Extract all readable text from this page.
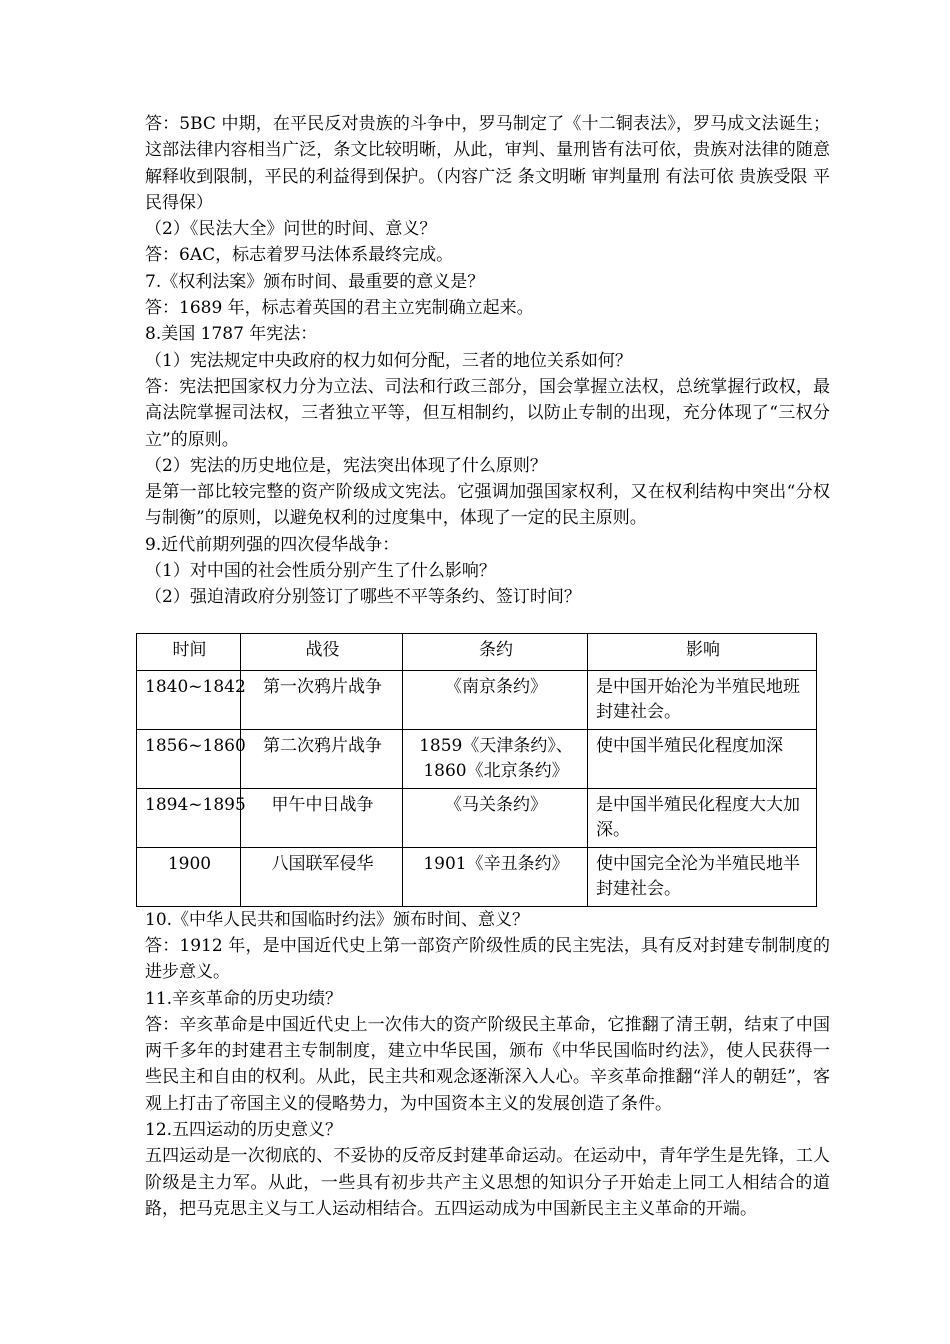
答：5BC 中期，在平民反对贵族的斗争中，罗马制定了《十二铜表法》，罗马成文法诞生；这部法律内容相当广泛，条文比较明晰，从此，审判、量刑皆有法可依，贵族对法律的随意解释收到限制，平民的利益得到保护。（内容广泛 条文明晰 审判量刑 有法可依 贵族受限 平民得保）

（2）《民法大全》问世的时间、意义？

答：6AC，标志着罗马法体系最终完成。

7.《权利法案》颁布时间、最重要的意义是？

答：1689 年，标志着英国的君主立宪制确立起来。

8.美国 1787 年宪法：

（1）宪法规定中央政府的权力如何分配，三者的地位关系如何？

答：宪法把国家权力分为立法、司法和行政三部分，国会掌握立法权，总统掌握行政权，最高法院掌握司法权，三者独立平等，但互相制约，以防止专制的出现，充分体现了“三权分立”的原则。

（2）宪法的历史地位是，宪法突出体现了什么原则？

是第一部比较完整的资产阶级成文宪法。它强调加强国家权利，又在权利结构中突出“分权与制衡”的原则，以避免权利的过度集中，体现了一定的民主原则。

9.近代前期列强的四次侵华战争：

（1）对中国的社会性质分别产生了什么影响？

（2）强迫清政府分别签订了哪些不平等条约、签订时间？

时间	战役	条约	影响
1840~1842	第一次鸦片战争	《南京条约》	是中国开始沦为半殖民地班封建社会。
1856~1860	第二次鸦片战争	1859《天津条约》、1860《北京条约》	使中国半殖民化程度加深
1894~1895	甲午中日战争	《马关条约》	是中国半殖民化程度大大加深。
1900	八国联军侵华	1901《辛丑条约》	使中国完全沦为半殖民地半封建社会。

10.《中华人民共和国临时约法》颁布时间、意义？

答：1912 年，是中国近代史上第一部资产阶级性质的民主宪法，具有反对封建专制制度的进步意义。

11.辛亥革命的历史功绩？

答：辛亥革命是中国近代史上一次伟大的资产阶级民主革命，它推翻了清王朝，结束了中国两千多年的封建君主专制制度，建立中华民国，颁布《中华民国临时约法》，使人民获得一些民主和自由的权利。从此，民主共和观念逐渐深入人心。辛亥革命推翻“洋人的朝廷”，客观上打击了帝国主义的侵略势力，为中国资本主义的发展创造了条件。

12.五四运动的历史意义？

五四运动是一次彻底的、不妥协的反帝反封建革命运动。在运动中，青年学生是先锋，工人阶级是主力军。从此，一些具有初步共产主义思想的知识分子开始走上同工人相结合的道路，把马克思主义与工人运动相结合。五四运动成为中国新民主主义革命的开端。
